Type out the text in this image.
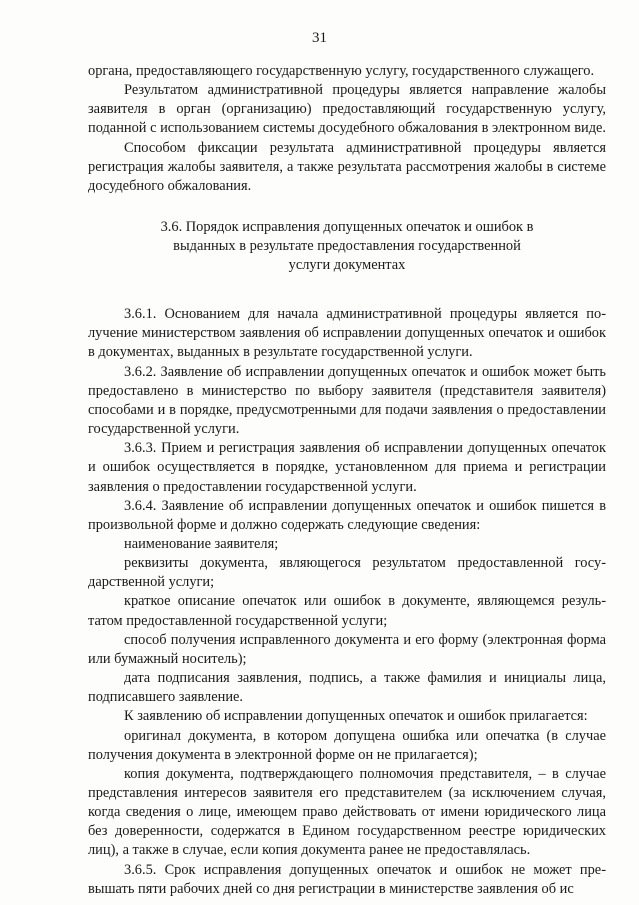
31

органа, предоставляющего государственную услугу, государственного служащего.

Результатом административной процедуры является направление жалобы заявителя в орган (организацию) предоставляющий государственную услугу, поданной с использованием системы досудебного обжалования в электронном виде.

Способом фиксации результата административной процедуры является регистрация жалобы заявителя, а также результата рассмотрения жалобы в системе досудебного обжалования.

3.6. Порядок исправления допущенных опечаток и ошибок в
выданных в результате предоставления государственной
услуги документах

3.6.1. Основанием для начала административной процедуры является получение министерством заявления об исправлении допущенных опечаток и ошибок в документах, выданных в результате государственной услуги.

3.6.2. Заявление об исправлении допущенных опечаток и ошибок может быть предоставлено в министерство по выбору заявителя (представителя заявителя) способами и в порядке, предусмотренными для подачи заявления о предоставлении государственной услуги.

3.6.3. Прием и регистрация заявления об исправлении допущенных опечаток и ошибок осуществляется в порядке, установленном для приема и регистрации заявления о предоставлении государственной услуги.

3.6.4. Заявление об исправлении допущенных опечаток и ошибок пишется в произвольной форме и должно содержать следующие сведения:

наименование заявителя;

реквизиты документа, являющегося результатом предоставленной государственной услуги;

краткое описание опечаток или ошибок в документе, являющемся результатом предоставленной государственной услуги;

способ получения исправленного документа и его форму (электронная форма или бумажный носитель);

дата подписания заявления, подпись, а также фамилия и инициалы лица, подписавшего заявление.

К заявлению об исправлении допущенных опечаток и ошибок прилагается:

оригинал документа, в котором допущена ошибка или опечатка (в случае получения документа в электронной форме он не прилагается);

копия документа, подтверждающего полномочия представителя, – в случае представления интересов заявителя его представителем (за исключением случая, когда сведения о лице, имеющем право действовать от имени юридического лица без доверенности, содержатся в Едином государственном реестре юридических лиц), а также в случае, если копия документа ранее не предоставлялась.

3.6.5. Срок исправления допущенных опечаток и ошибок не может превышать пяти рабочих дней со дня регистрации в министерстве заявления об ис
